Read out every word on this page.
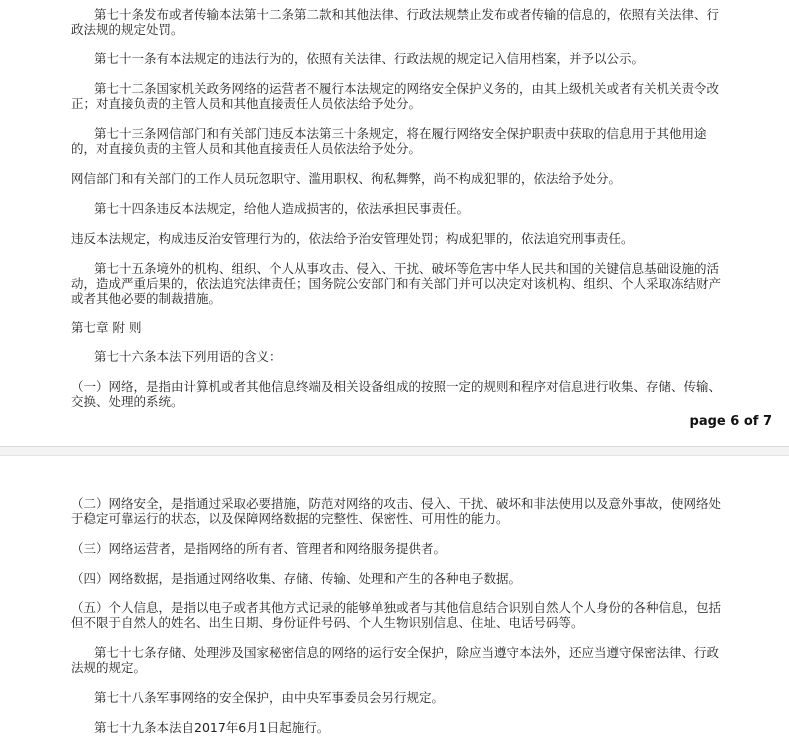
第七十条发布或者传输本法第十二条第二款和其他法律、行政法规禁止发布或者传输的信息的，依照有关法律、行政法规的规定处罚。

第七十一条有本法规定的违法行为的，依照有关法律、行政法规的规定记入信用档案，并予以公示。

第七十二条国家机关政务网络的运营者不履行本法规定的网络安全保护义务的，由其上级机关或者有关机关责令改正；对直接负责的主管人员和其他直接责任人员依法给予处分。

第七十三条网信部门和有关部门违反本法第三十条规定，将在履行网络安全保护职责中获取的信息用于其他用途的，对直接负责的主管人员和其他直接责任人员依法给予处分。

网信部门和有关部门的工作人员玩忽职守、滥用职权、徇私舞弊，尚不构成犯罪的，依法给予处分。

第七十四条违反本法规定，给他人造成损害的，依法承担民事责任。

违反本法规定，构成违反治安管理行为的，依法给予治安管理处罚；构成犯罪的，依法追究刑事责任。

第七十五条境外的机构、组织、个人从事攻击、侵入、干扰、破坏等危害中华人民共和国的关键信息基础设施的活动，造成严重后果的，依法追究法律责任；国务院公安部门和有关部门并可以决定对该机构、组织、个人采取冻结财产或者其他必要的制裁措施。

第七章 附 则

第七十六条本法下列用语的含义：

（一）网络，是指由计算机或者其他信息终端及相关设备组成的按照一定的规则和程序对信息进行收集、存储、传输、交换、处理的系统。

page 6 of 7

（二）网络安全，是指通过采取必要措施，防范对网络的攻击、侵入、干扰、破坏和非法使用以及意外事故，使网络处于稳定可靠运行的状态，以及保障网络数据的完整性、保密性、可用性的能力。

（三）网络运营者，是指网络的所有者、管理者和网络服务提供者。

（四）网络数据，是指通过网络收集、存储、传输、处理和产生的各种电子数据。

（五）个人信息，是指以电子或者其他方式记录的能够单独或者与其他信息结合识别自然人个人身份的各种信息，包括但不限于自然人的姓名、出生日期、身份证件号码、个人生物识别信息、住址、电话号码等。

第七十七条存储、处理涉及国家秘密信息的网络的运行安全保护，除应当遵守本法外，还应当遵守保密法律、行政法规的规定。

第七十八条军事网络的安全保护，由中央军事委员会另行规定。

第七十九条本法自2017年6月1日起施行。
